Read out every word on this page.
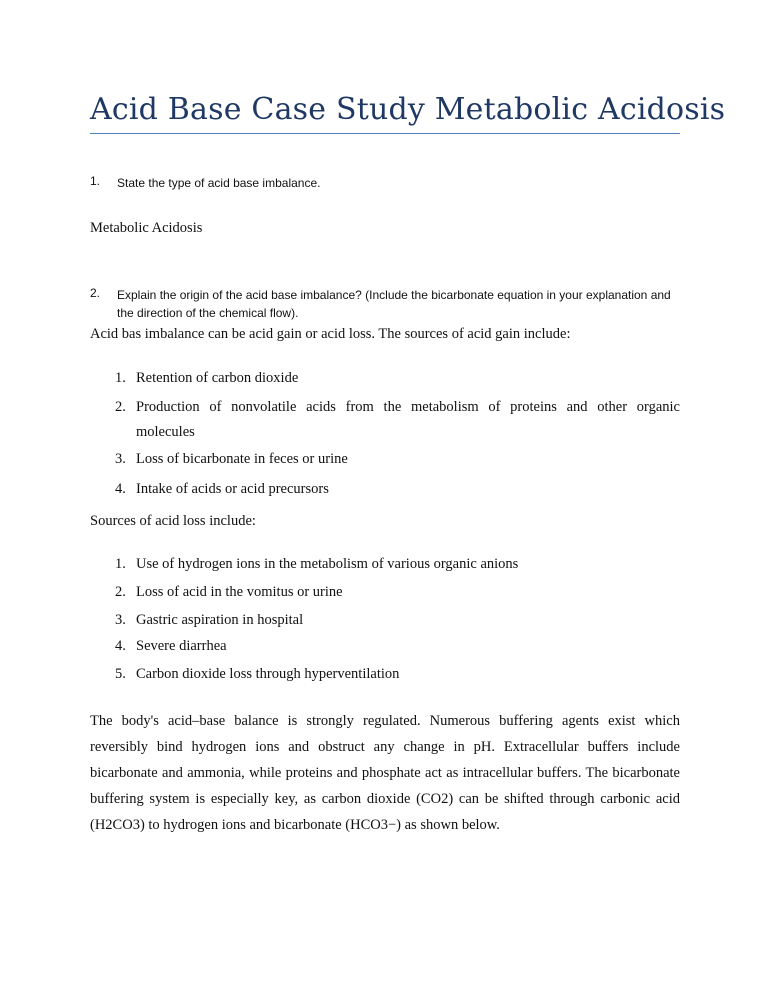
Acid Base Case Study Metabolic Acidosis
1. State the type of acid base imbalance.
Metabolic Acidosis
2. Explain the origin of the acid base imbalance? (Include the bicarbonate equation in your explanation and the direction of the chemical flow).
Acid bas imbalance can be acid gain or acid loss. The sources of acid gain include:
1. Retention of carbon dioxide
2. Production of nonvolatile acids from the metabolism of proteins and other organic
molecules
3. Loss of bicarbonate in feces or urine
4. Intake of acids or acid precursors
Sources of acid loss include:
1. Use of hydrogen ions in the metabolism of various organic anions
2. Loss of acid in the vomitus or urine
3. Gastric aspiration in hospital
4. Severe diarrhea
5. Carbon dioxide loss through hyperventilation

The body's acid–base balance is strongly regulated. Numerous buffering agents exist which reversibly bind hydrogen ions and obstruct any change in pH. Extracellular buffers include bicarbonate and ammonia, while proteins and phosphate act as intracellular buffers. The bicarbonate buffering system is especially key, as carbon dioxide (CO2) can be shifted through carbonic acid (H2CO3) to hydrogen ions and bicarbonate (HCO3−) as shown below.
